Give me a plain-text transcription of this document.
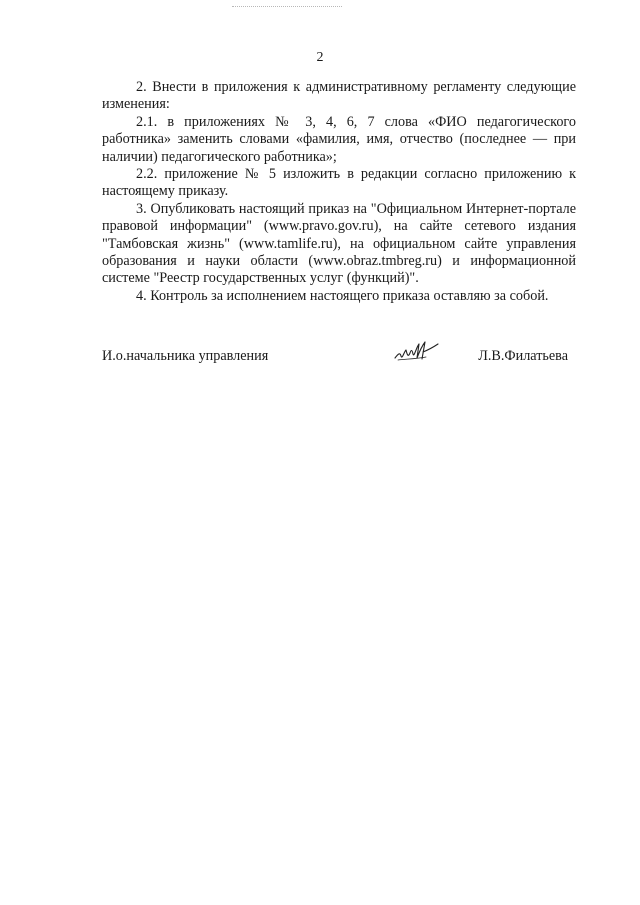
2

2. Внести в приложения к административному регламенту следующие изменения:

2.1. в приложениях № 3, 4, 6, 7 слова «ФИО педагогического работника» заменить словами «фамилия, имя, отчество (последнее — при наличии) педагогического работника»;

2.2. приложение № 5 изложить в редакции согласно приложению к настоящему приказу.

3. Опубликовать настоящий приказ на "Официальном Интернет-портале правовой информации" (www.pravo.gov.ru), на сайте сетевого издания "Тамбовская жизнь" (www.tamlife.ru), на официальном сайте управления образования и науки области (www.obraz.tmbreg.ru) и информационной системе "Реестр государственных услуг (функций)".

4. Контроль за исполнением настоящего приказа оставляю за собой.

И.о.начальника управления	Л.В.Филатьева
